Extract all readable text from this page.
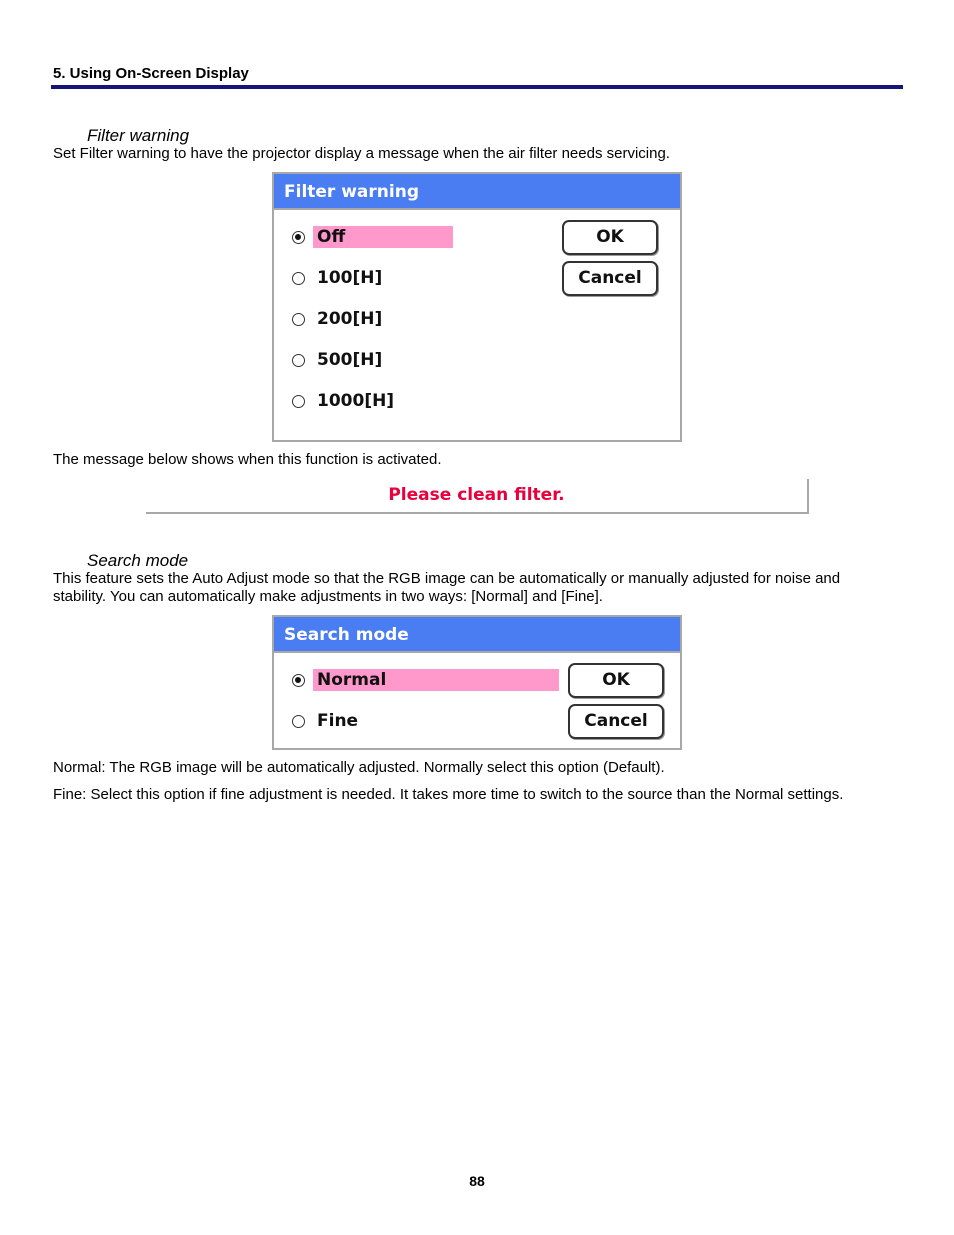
5. Using On-Screen Display
Filter warning
Set Filter warning to have the projector display a message when the air filter needs servicing.
Filter warning
Off
100[H]
200[H]
500[H]
1000[H]
OK
Cancel
The message below shows when this function is activated.
Please clean filter.
Search mode
This feature sets the Auto Adjust mode so that the RGB image can be automatically or manually adjusted for noise and
stability. You can automatically make adjustments in two ways: [Normal] and [Fine].
Search mode
Normal
Fine
OK
Cancel
Normal: The RGB image will be automatically adjusted. Normally select this option (Default).
Fine: Select this option if fine adjustment is needed. It takes more time to switch to the source than the Normal settings.
88
